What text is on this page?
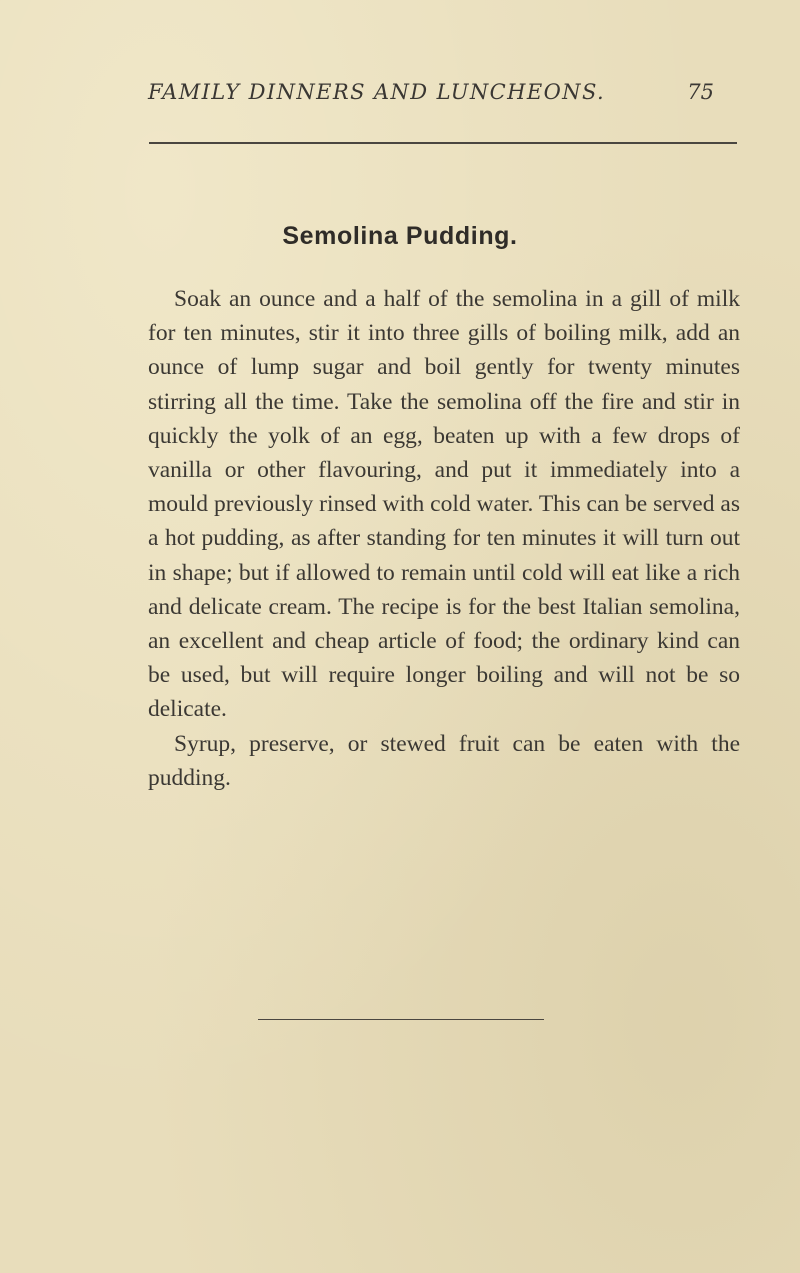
FAMILY DINNERS AND LUNCHEONS.	75
Semolina Pudding.

Soak an ounce and a half of the semolina in a gill of milk for ten minutes, stir it into three gills of boiling milk, add an ounce of lump sugar and boil gently for twenty minutes stirring all the time. Take the semolina off the fire and stir in quickly the yolk of an egg, beaten up with a few drops of vanilla or other flavouring, and put it immediately into a mould previously rinsed with cold water. This can be served as a hot pudding, as after standing for ten minutes it will turn out in shape; but if allowed to remain until cold will eat like a rich and delicate cream. The recipe is for the best Italian semolina, an excellent and cheap article of food; the ordinary kind can be used, but will require longer boiling and will not be so delicate.

Syrup, preserve, or stewed fruit can be eaten with the pudding.
